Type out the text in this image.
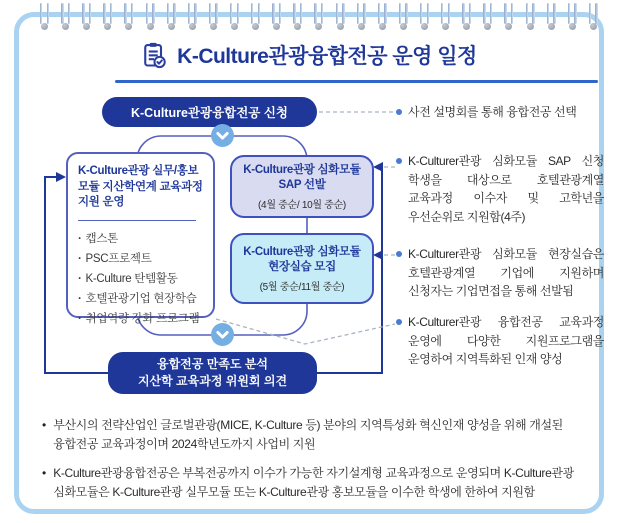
K-Culture관광융합전공 운영 일정
K-Culture관광융합전공 신청
K-Culture관광 실무/홍보 모듈 지산학연계 교육과정 지원 운영
· 캡스톤
· PSC프로젝트
· K-Culture 탄템활동
· 호텔관광기업 현장학습
· 취업역량 강화 프로그램
K-Culture관광 심화모듈 SAP 선발
(4월 중순/ 10월 중순)
K-Culture관광 심화모듈 현장실습 모집
(5월 중순/11월 중순)
융합전공 만족도 분석
지산학 교육과정 위원회 의견

사전 설명회를 통해 융합전공 선택

K-Culturer관광 심화모듈 SAP 신청 학생을 대상으로 호텔관광계열 교육과정 이수자 및 고학년을 우선순위로 지원함(4주)

K-Culturer관광 심화모듈 현장실습은 호텔관광계열 기업에 지원하며 신청자는 기업면접을 통해 선발됨

K-Culturer관광 융합전공 교육과정 운영에 다양한 지원프로그램을 운영하여 지역특화된 인재 양성

• 부산시의 전략산업인 글로벌관광(MICE, K-Culture 등) 분야의 지역특성화 혁신인재 양성을 위해 개설된 융합전공 교육과정이며 2024학년도까지 사업비 지원

• K-Culture관광융합전공은 부복전공까지 이수가 가능한 자기설계형 교육과정으로 운영되며 K-Culture관광 심화모듈은 K-Culture관광 실무모듈 또는 K-Culture관광 홍보모듈을 이수한 학생에 한하여 지원함
